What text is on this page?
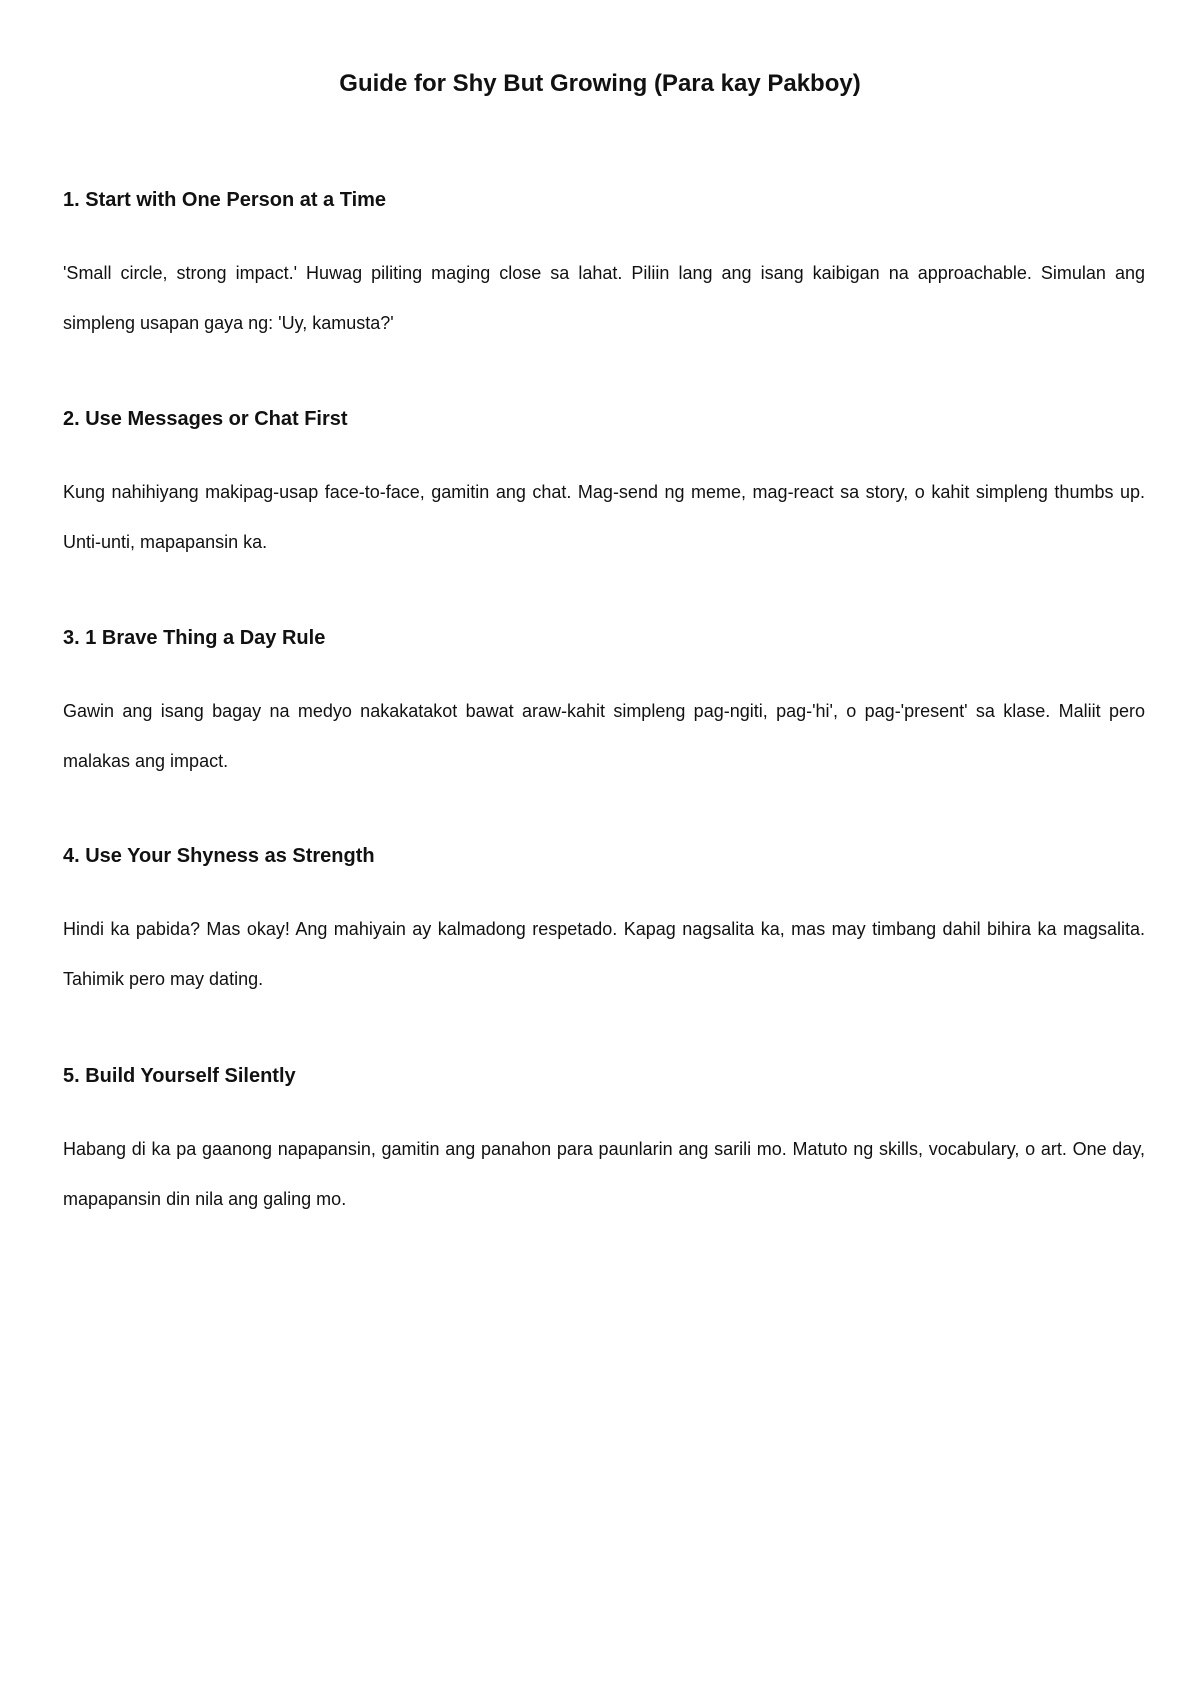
Guide for Shy But Growing (Para kay Pakboy)
1. Start with One Person at a Time

'Small circle, strong impact.' Huwag piliting maging close sa lahat. Piliin lang ang isang kaibigan na approachable. Simulan ang simpleng usapan gaya ng: 'Uy, kamusta?'

2. Use Messages or Chat First

Kung nahihiyang makipag-usap face-to-face, gamitin ang chat. Mag-send ng meme, mag-react sa story, o kahit simpleng thumbs up. Unti-unti, mapapansin ka.

3. 1 Brave Thing a Day Rule

Gawin ang isang bagay na medyo nakakatakot bawat araw-kahit simpleng pag-ngiti, pag-'hi', o pag-'present' sa klase. Maliit pero malakas ang impact.

4. Use Your Shyness as Strength

Hindi ka pabida? Mas okay! Ang mahiyain ay kalmadong respetado. Kapag nagsalita ka, mas may timbang dahil bihira ka magsalita. Tahimik pero may dating.

5. Build Yourself Silently

Habang di ka pa gaanong napapansin, gamitin ang panahon para paunlarin ang sarili mo. Matuto ng skills, vocabulary, o art. One day, mapapansin din nila ang galing mo.
